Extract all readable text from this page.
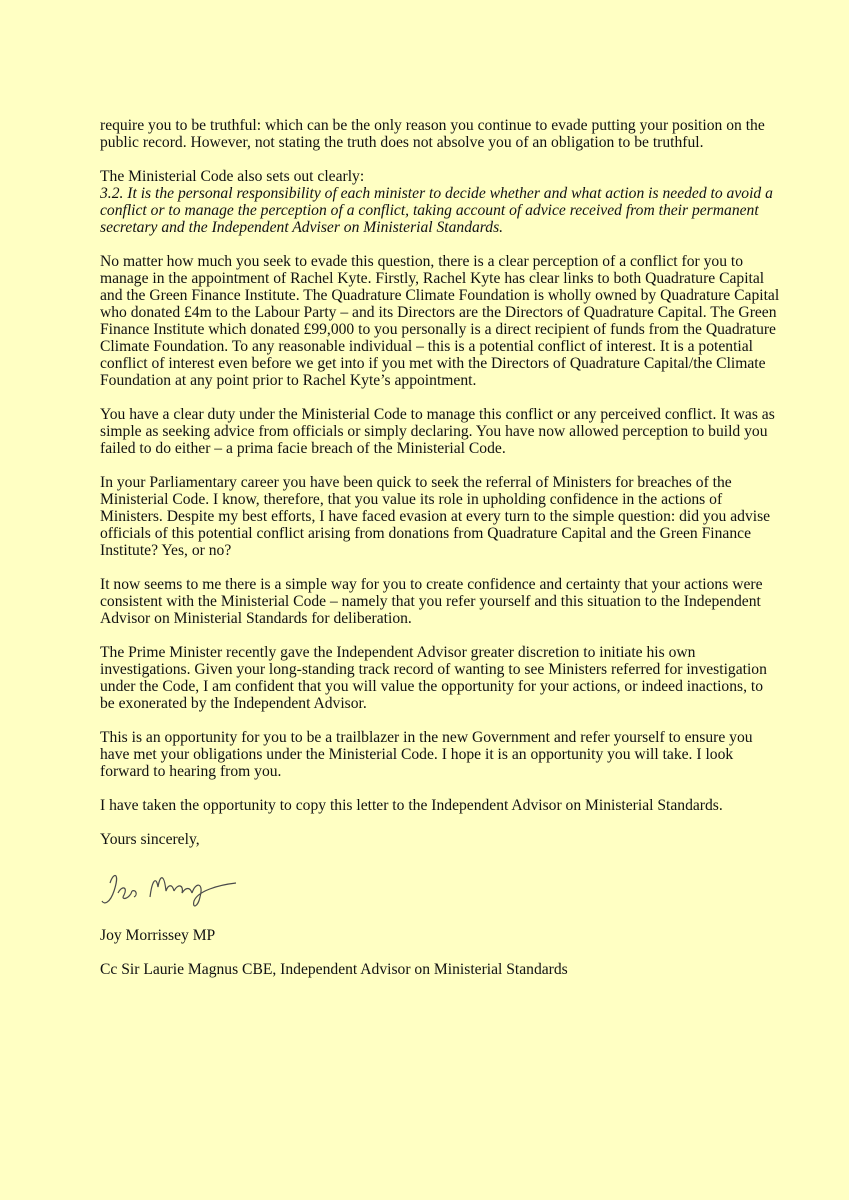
require you to be truthful: which can be the only reason you continue to evade putting your position on the public record. However, not stating the truth does not absolve you of an obligation to be truthful.

The Ministerial Code also sets out clearly:
3.2. It is the personal responsibility of each minister to decide whether and what action is needed to avoid a conflict or to manage the perception of a conflict, taking account of advice received from their permanent secretary and the Independent Adviser on Ministerial Standards.

No matter how much you seek to evade this question, there is a clear perception of a conflict for you to manage in the appointment of Rachel Kyte. Firstly, Rachel Kyte has clear links to both Quadrature Capital and the Green Finance Institute. The Quadrature Climate Foundation is wholly owned by Quadrature Capital who donated £4m to the Labour Party – and its Directors are the Directors of Quadrature Capital. The Green Finance Institute which donated £99,000 to you personally is a direct recipient of funds from the Quadrature Climate Foundation. To any reasonable individual – this is a potential conflict of interest. It is a potential conflict of interest even before we get into if you met with the Directors of Quadrature Capital/the Climate Foundation at any point prior to Rachel Kyte’s appointment.

You have a clear duty under the Ministerial Code to manage this conflict or any perceived conflict. It was as simple as seeking advice from officials or simply declaring. You have now allowed perception to build you failed to do either – a prima facie breach of the Ministerial Code.

In your Parliamentary career you have been quick to seek the referral of Ministers for breaches of the Ministerial Code. I know, therefore, that you value its role in upholding confidence in the actions of Ministers. Despite my best efforts, I have faced evasion at every turn to the simple question: did you advise officials of this potential conflict arising from donations from Quadrature Capital and the Green Finance Institute? Yes, or no?

It now seems to me there is a simple way for you to create confidence and certainty that your actions were consistent with the Ministerial Code – namely that you refer yourself and this situation to the Independent Advisor on Ministerial Standards for deliberation.

The Prime Minister recently gave the Independent Advisor greater discretion to initiate his own investigations. Given your long-standing track record of wanting to see Ministers referred for investigation under the Code, I am confident that you will value the opportunity for your actions, or indeed inactions, to be exonerated by the Independent Advisor.

This is an opportunity for you to be a trailblazer in the new Government and refer yourself to ensure you have met your obligations under the Ministerial Code. I hope it is an opportunity you will take. I look forward to hearing from you.

I have taken the opportunity to copy this letter to the Independent Advisor on Ministerial Standards.

Yours sincerely,

Joy Morrissey MP

Cc Sir Laurie Magnus CBE, Independent Advisor on Ministerial Standards
